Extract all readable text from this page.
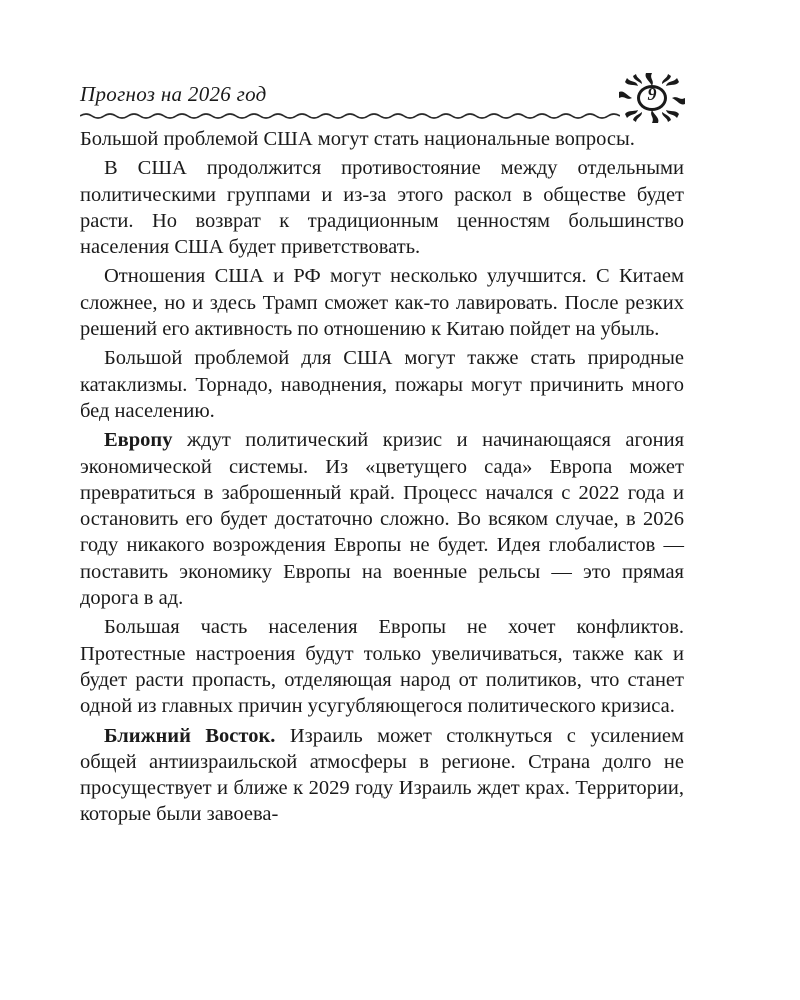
Прогноз на 2026 год	9

Большой проблемой США могут стать национальные вопросы.

В США продолжится противостояние между отдельными политическими группами и из-за этого раскол в обществе будет расти. Но возврат к традиционным ценностям большинство населения США будет приветствовать.

Отношения США и РФ могут несколько улучшится. С Китаем сложнее, но и здесь Трамп сможет как-то лавировать. После резких решений его активность по отношению к Китаю пойдет на убыль.

Большой проблемой для США могут также стать природные катаклизмы. Торнадо, наводнения, пожары могут причинить много бед населению.

Европу ждут политический кризис и начинающаяся агония экономической системы. Из «цветущего сада» Европа может превратиться в заброшенный край. Процесс начался с 2022 года и остановить его будет достаточно сложно. Во всяком случае, в 2026 году никакого возрождения Европы не будет. Идея глобалистов — поставить экономику Европы на военные рельсы — это прямая дорога в ад.

Большая часть населения Европы не хочет конфликтов. Протестные настроения будут только увеличиваться, также как и будет расти пропасть, отделяющая народ от политиков, что станет одной из главных причин усугубляющегося политического кризиса.

Ближний Восток. Израиль может столкнуться с усилением общей антиизраильской атмосферы в регионе. Страна долго не просуществует и ближе к 2029 году Израиль ждет крах. Территории, которые были завоева-
